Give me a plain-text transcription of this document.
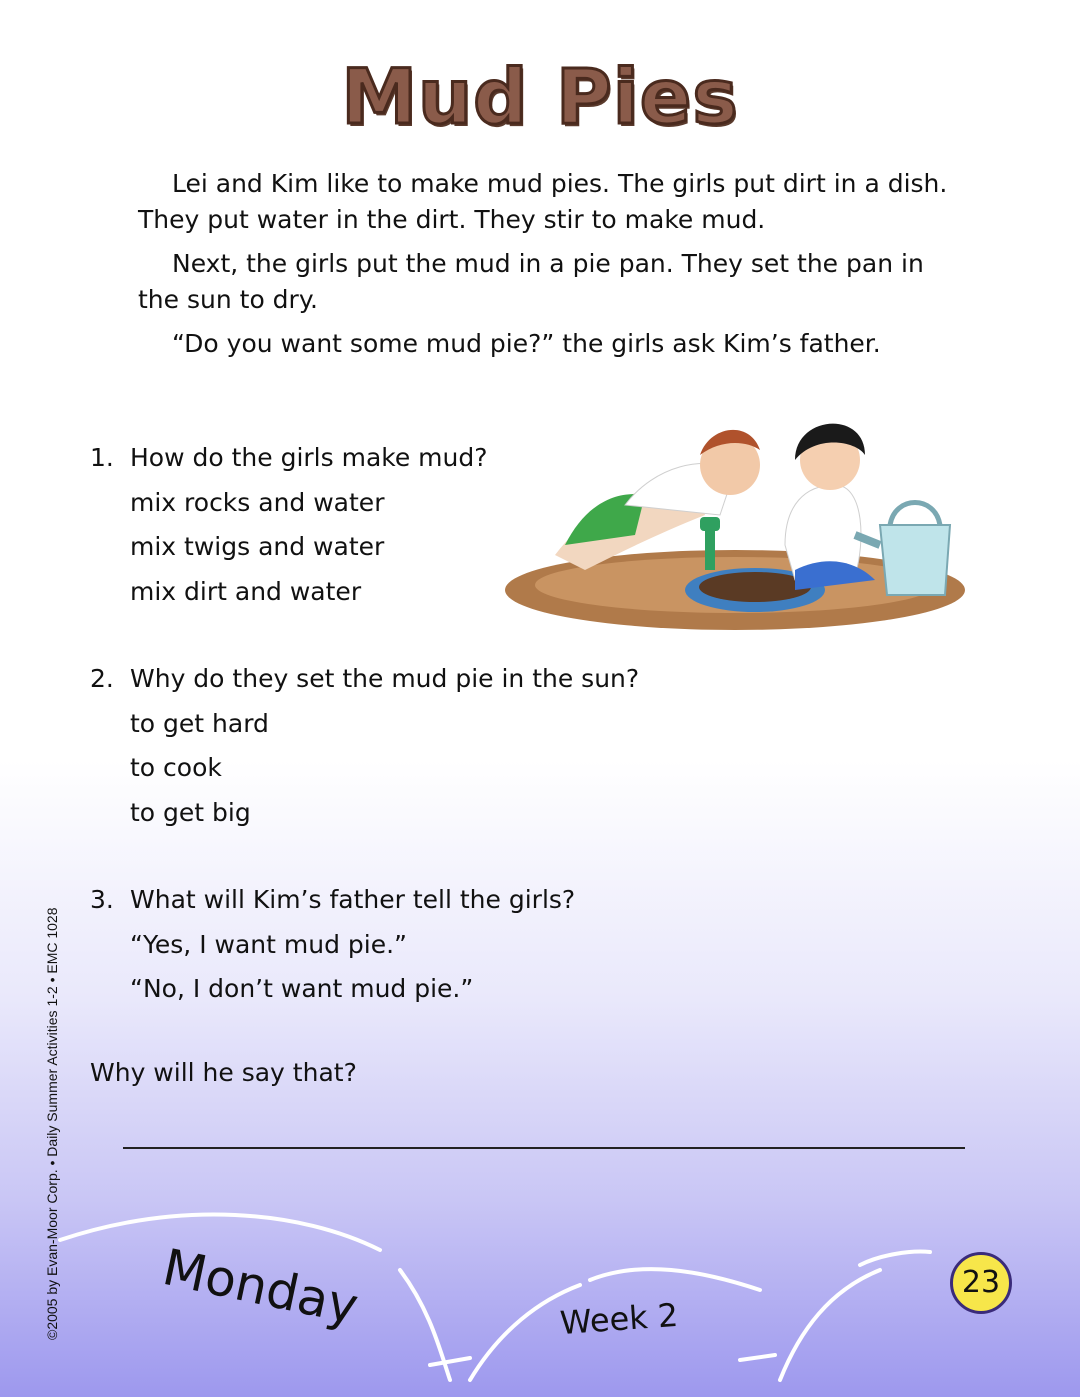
Mud Pies

Lei and Kim like to make mud pies. The girls put dirt in a dish. They put water in the dirt. They stir to make mud.

Next, the girls put the mud in a pie pan. They set the pan in the sun to dry.

“Do you want some mud pie?” the girls ask Kim’s father.

1. How do the girls make mud?
mix rocks and water
mix twigs and water
mix dirt and water
2. Why do they set the mud pie in the sun?
to get hard
to cook
to get big
3. What will Kim’s father tell the girls?
“Yes, I want mud pie.”
“No, I don’t want mud pie.”
Why will he say that?
©2005 by Evan-Moor Corp. • Daily Summer Activities 1-2 • EMC 1028 Monday	Week 2
23
